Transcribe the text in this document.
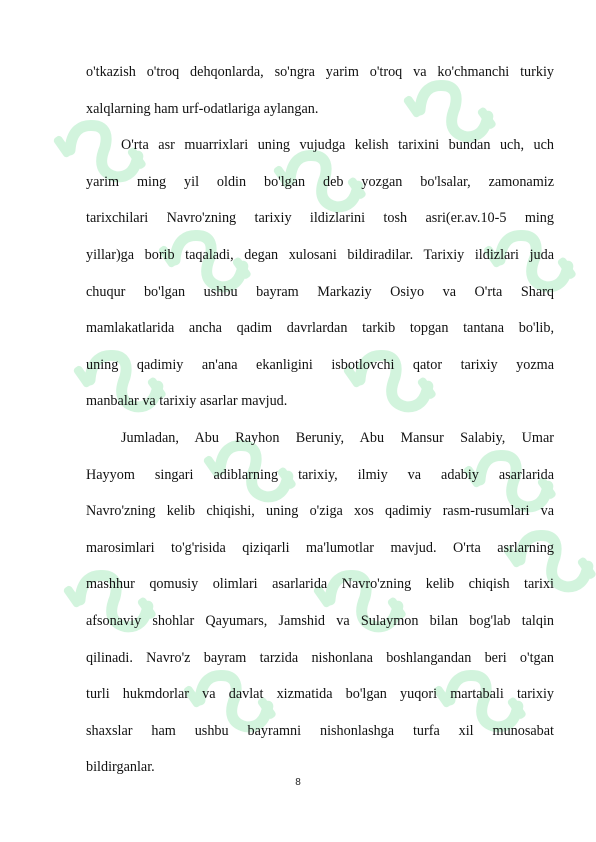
o'tkazish o'troq dehqonlarda, so'ngra yarim o'troq va ko'chmanchi turkiy
xalqlarning ham urf-odatlariga aylangan.
O'rta asr muarrixlari uning vujudga kelish tarixini bundan uch, uch
yarim ming yil oldin bo'lgan deb yozgan bo'lsalar, zamonamiz
tarixchilari Navro'zning tarixiy ildizlarini tosh asri(er.av.10-5 ming
yillar)ga borib taqaladi, degan xulosani bildiradilar. Tarixiy ildizlari juda
chuqur bo'lgan ushbu bayram Markaziy Osiyo va O'rta Sharq
mamlakatlarida ancha qadim davrlardan tarkib topgan tantana bo'lib,
uning qadimiy an'ana ekanligini isbotlovchi qator tarixiy yozma
manbalar va tarixiy asarlar mavjud.
Jumladan, Abu Rayhon Beruniy, Abu Mansur Salabiy, Umar
Hayyom singari adiblarning tarixiy, ilmiy va adabiy asarlarida
Navro'zning kelib chiqishi, uning o'ziga xos qadimiy rasm-rusumlari va
marosimlari to'g'risida qiziqarli ma'lumotlar mavjud. O'rta asrlarning
mashhur qomusiy olimlari asarlarida Navro'zning kelib chiqish tarixi
afsonaviy shohlar Qayumars, Jamshid va Sulaymon bilan bog'lab talqin
qilinadi. Navro'z bayram tarzida nishonlana boshlangandan beri o'tgan
turli hukmdorlar va davlat xizmatida bo'lgan yuqori martabali tarixiy
shaxslar ham ushbu bayramni nishonlashga turfa xil munosabat
bildirganlar.
8
